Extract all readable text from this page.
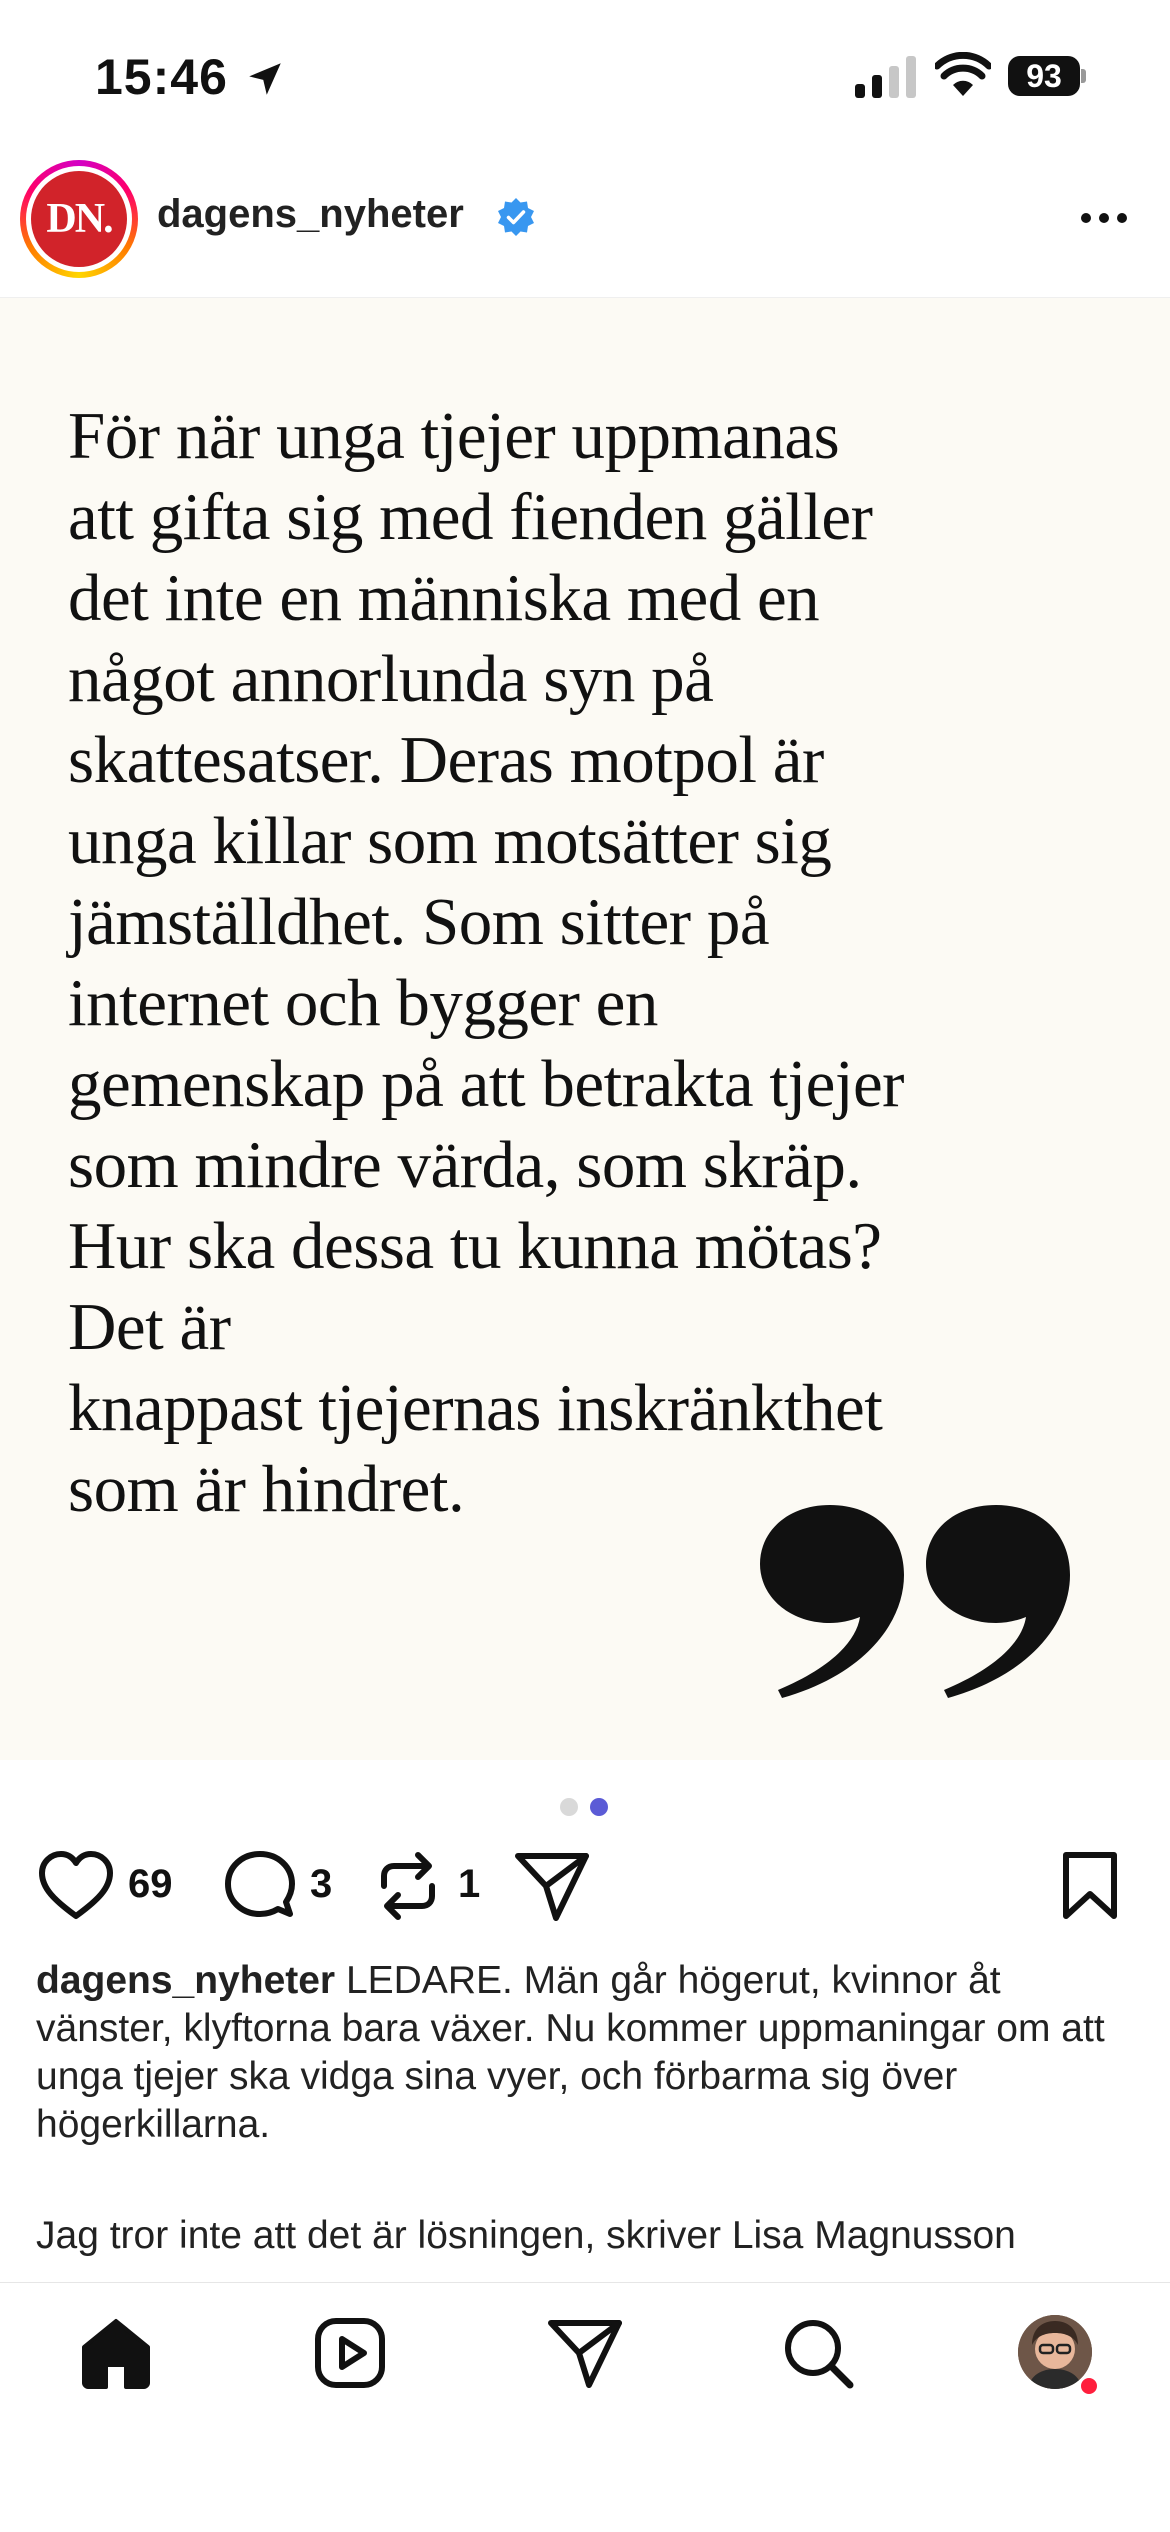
15:46	93
DN.	dagens_nyheter
För när unga tjejer uppmanas
att gifta sig med fienden gäller
det inte en människa med en
något annorlunda syn på
skattesatser. Deras motpol är
unga killar som motsätter sig
jämställdhet. Som sitter på
internet och bygger en
gemenskap på att betrakta tjejer
som mindre värda, som skräp.
Hur ska dessa tu kunna mötas?
Det är
knappast tjejernas inskränkthet
som är hindret.
69	3	1
dagens_nyheter LEDARE. Män går högerut, kvinnor åt vänster, klyftorna bara växer. Nu kommer uppmaningar om att unga tjejer ska vidga sina vyer, och förbarma sig över högerkillarna.
Jag tror inte att det är lösningen, skriver Lisa Magnusson
